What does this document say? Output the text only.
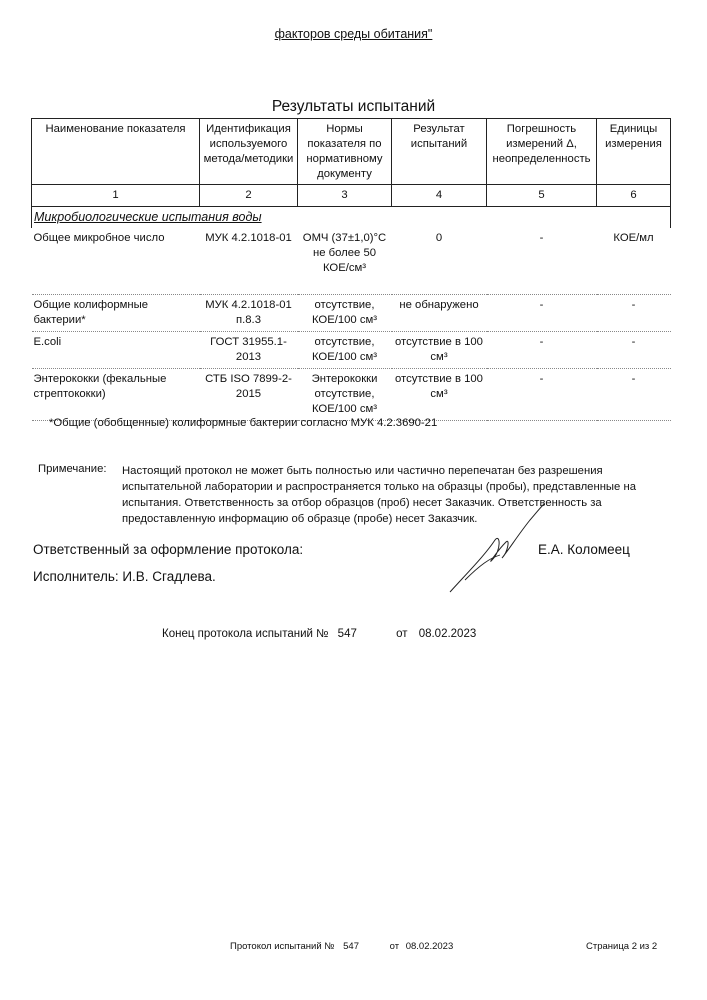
факторов среды обитания"
Результаты испытаний
Наименование показателя	Идентификация используемого метода/методики	Нормы показателя по нормативному документу	Результат испытаний	Погрешность измерений Δ, неопределенность	Единицы измерения
1	2	3	4	5	6
Микробиологические испытания воды					
Общее микробное число	МУК 4.2.1018-01	ОМЧ (37±1,0)°С не более 50 КОЕ/см³	0	-	КОЕ/мл
Общие колиформные бактерии*	МУК 4.2.1018-01 п.8.3	отсутствие, КОЕ/100 см³	не обнаружено	-	-
E.coli	ГОСТ 31955.1-2013	отсутствие, КОЕ/100 см³	отсутствие в 100 см³	-	-
Энтерококки (фекальные стрептококки)	СТБ ISO 7899-2-2015	Энтерококки отсутствие, КОЕ/100 см³	отсутствие в 100 см³	-	-
*Общие (обобщенные) колиформные бактерии согласно МУК 4.2.3690-21
Примечание: Настоящий протокол не может быть полностью или частично перепечатан без разрешения испытательной лаборатории и распространяется только на образцы (пробы), представленные на испытания. Ответственность за отбор образцов (проб) несет Заказчик. Ответственность за предоставленную информацию об образце (пробе) несет Заказчик.
Ответственный за оформление протокола:	Е.А. Коломеец
Исполнитель: И.В. Сгадлева.
Конец протокола испытаний № 547	от 08.02.2023
Протокол испытаний № 547	от 08.02.2023	Страница 2 из 2
